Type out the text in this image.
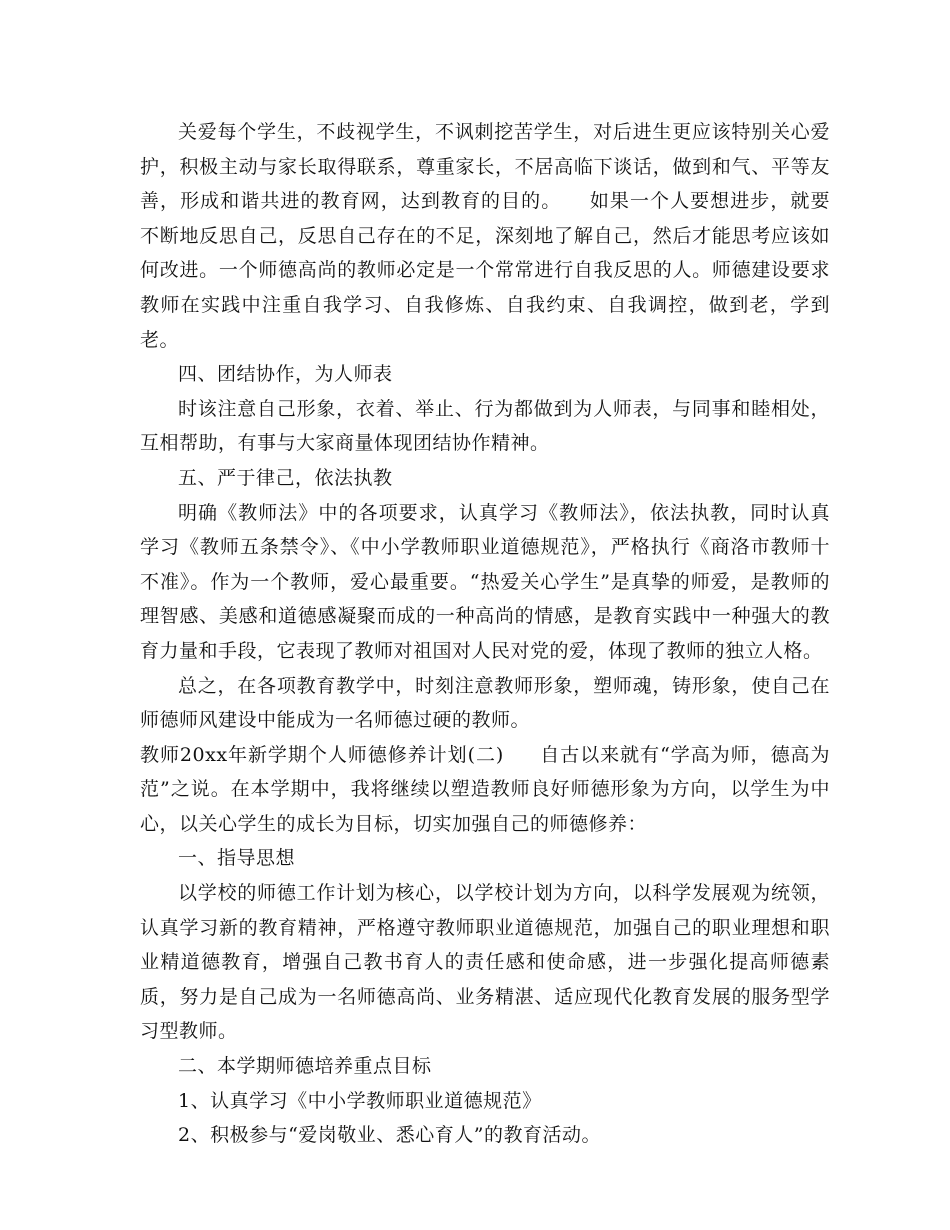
关爱每个学生，不歧视学生，不讽刺挖苦学生，对后进生更应该特别关心爱护，积极主动与家长取得联系，尊重家长，不居高临下谈话，做到和气、平等友善，形成和谐共进的教育网，达到教育的目的。 如果一个人要想进步，就要不断地反思自己，反思自己存在的不足，深刻地了解自己，然后才能思考应该如何改进。一个师德高尚的教师必定是一个常常进行自我反思的人。师德建设要求教师在实践中注重自我学习、自我修炼、自我约束、自我调控，做到老，学到老。

四、团结协作，为人师表

时该注意自己形象，衣着、举止、行为都做到为人师表，与同事和睦相处，互相帮助，有事与大家商量体现团结协作精神。

五、严于律己，依法执教

明确《教师法》中的各项要求，认真学习《教师法》，依法执教，同时认真学习《教师五条禁令》、《中小学教师职业道德规范》，严格执行《商洛市教师十不准》。作为一个教师，爱心最重要。“热爱关心学生”是真挚的师爱，是教师的理智感、美感和道德感凝聚而成的一种高尚的情感，是教育实践中一种强大的教育力量和手段，它表现了教师对祖国对人民对党的爱，体现了教师的独立人格。

总之，在各项教育教学中，时刻注意教师形象，塑师魂，铸形象，使自己在师德师风建设中能成为一名师德过硬的教师。

教师20xx年新学期个人师德修养计划(二) 自古以来就有“学高为师，德高为范”之说。在本学期中，我将继续以塑造教师良好师德形象为方向，以学生为中心，以关心学生的成长为目标，切实加强自己的师德修养：

一、指导思想

以学校的师德工作计划为核心，以学校计划为方向，以科学发展观为统领，认真学习新的教育精神，严格遵守教师职业道德规范，加强自己的职业理想和职业精道德教育，增强自己教书育人的责任感和使命感，进一步强化提高师德素质，努力是自己成为一名师德高尚、业务精湛、适应现代化教育发展的服务型学习型教师。

二、本学期师德培养重点目标

1、认真学习《中小学教师职业道德规范》

2、积极参与“爱岗敬业、悉心育人”的教育活动。
